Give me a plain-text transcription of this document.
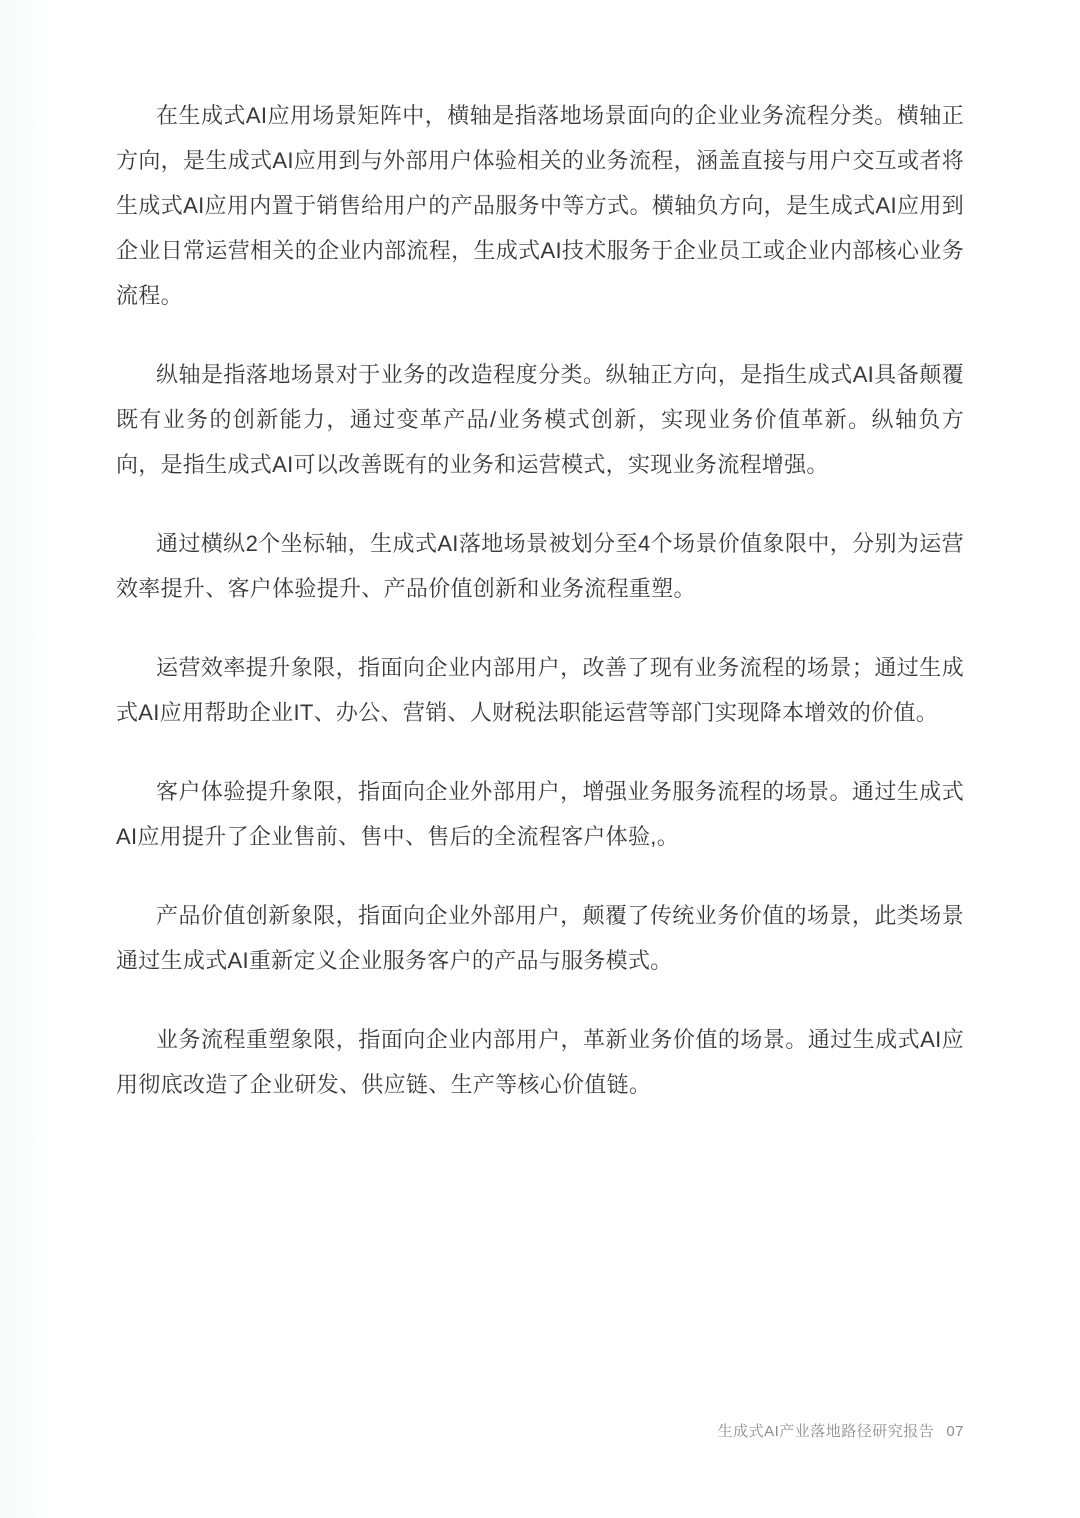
在生成式AI应用场景矩阵中，横轴是指落地场景面向的企业业务流程分类。横轴正方向，是生成式AI应用到与外部用户体验相关的业务流程，涵盖直接与用户交互或者将生成式AI应用内置于销售给用户的产品服务中等方式。横轴负方向，是生成式AI应用到企业日常运营相关的企业内部流程，生成式AI技术服务于企业员工或企业内部核心业务流程。

纵轴是指落地场景对于业务的改造程度分类。纵轴正方向，是指生成式AI具备颠覆既有业务的创新能力，通过变革产品/业务模式创新，实现业务价值革新。纵轴负方向，是指生成式AI可以改善既有的业务和运营模式，实现业务流程增强。

通过横纵2个坐标轴，生成式AI落地场景被划分至4个场景价值象限中，分别为运营效率提升、客户体验提升、产品价值创新和业务流程重塑。

运营效率提升象限，指面向企业内部用户，改善了现有业务流程的场景；通过生成式AI应用帮助企业IT、办公、营销、人财税法职能运营等部门实现降本增效的价值。

客户体验提升象限，指面向企业外部用户，增强业务服务流程的场景。通过生成式AI应用提升了企业售前、售中、售后的全流程客户体验,。

产品价值创新象限，指面向企业外部用户，颠覆了传统业务价值的场景，此类场景通过生成式AI重新定义企业服务客户的产品与服务模式。

业务流程重塑象限，指面向企业内部用户，革新业务价值的场景。通过生成式AI应用彻底改造了企业研发、供应链、生产等核心价值链。

生成式AI产业落地路径研究报告 07
